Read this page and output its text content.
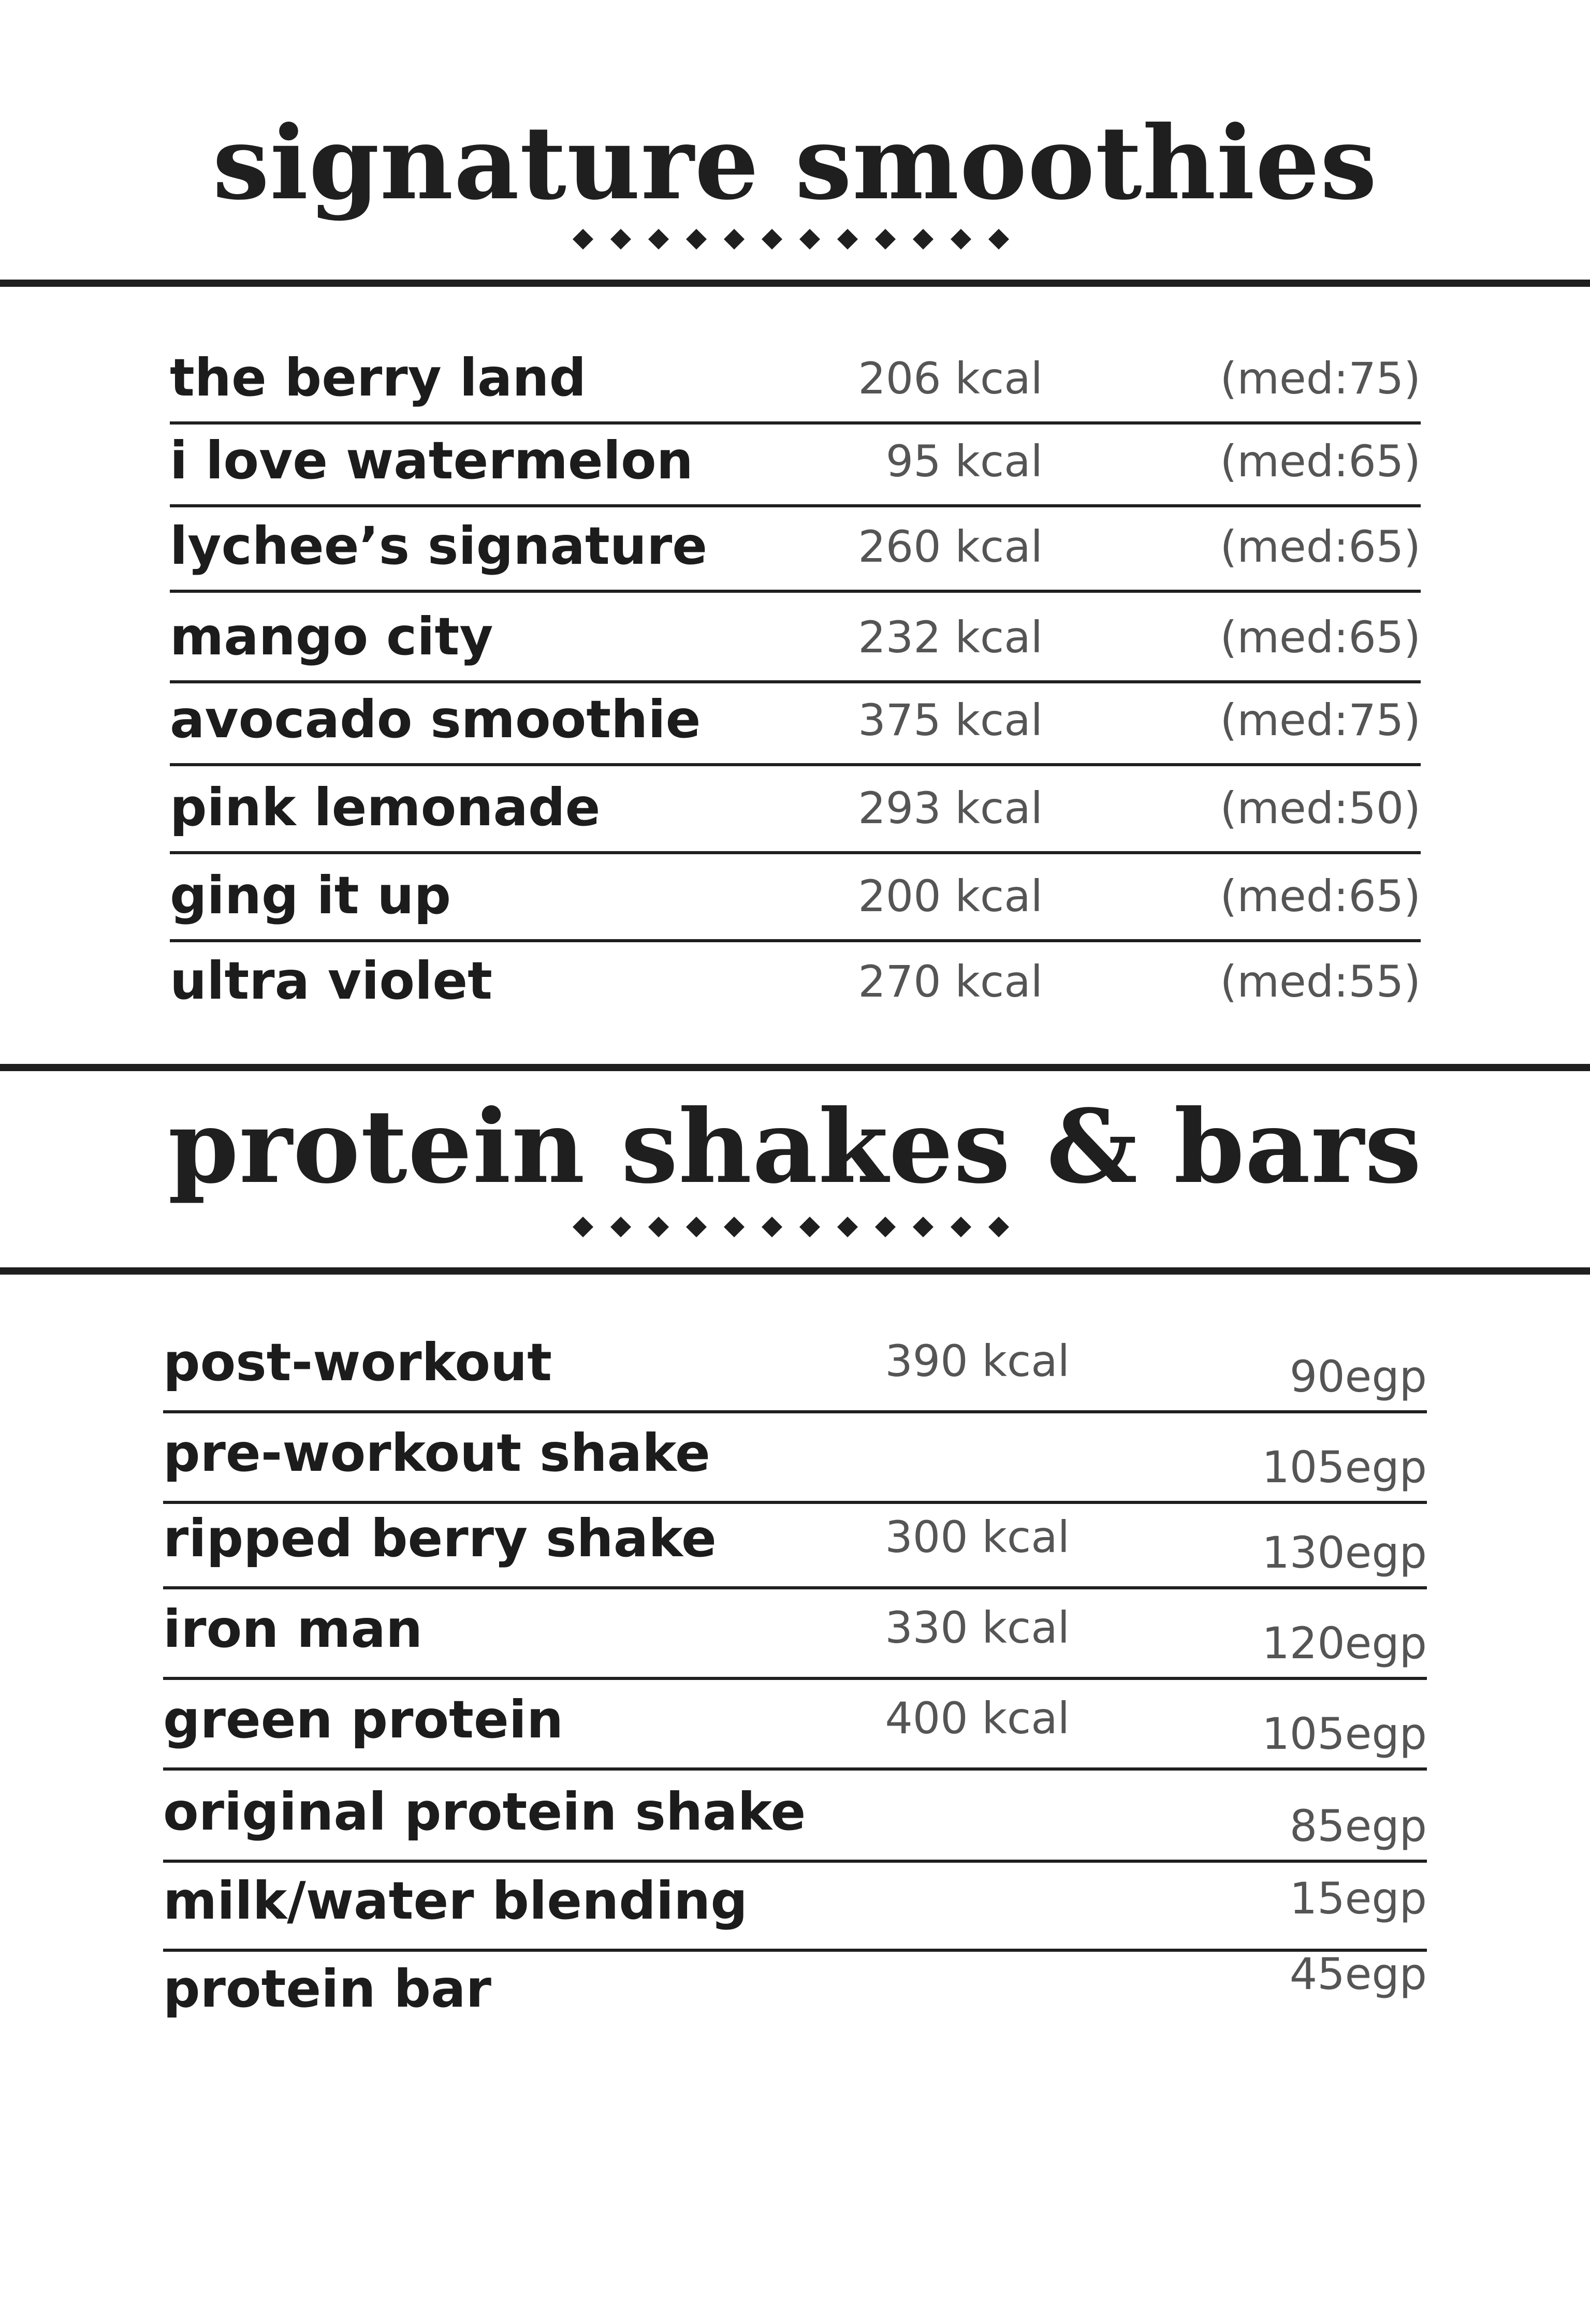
signature smoothies
the berry land	206 kcal	(med:75)
i love watermelon	95 kcal	(med:65)
lychee’s signature	260 kcal	(med:65)
mango city	232 kcal	(med:65)
avocado smoothie	375 kcal	(med:75)
pink lemonade	293 kcal	(med:50)
ging it up	200 kcal	(med:65)
ultra violet	270 kcal	(med:55)
protein shakes & bars
post-workout	390 kcal	90egp
pre-workout shake	105egp
ripped berry shake	300 kcal	130egp
iron man	330 kcal	120egp
green protein	400 kcal	105egp
original protein shake	85egp
milk/water blending	15egp
protein bar	45egp
